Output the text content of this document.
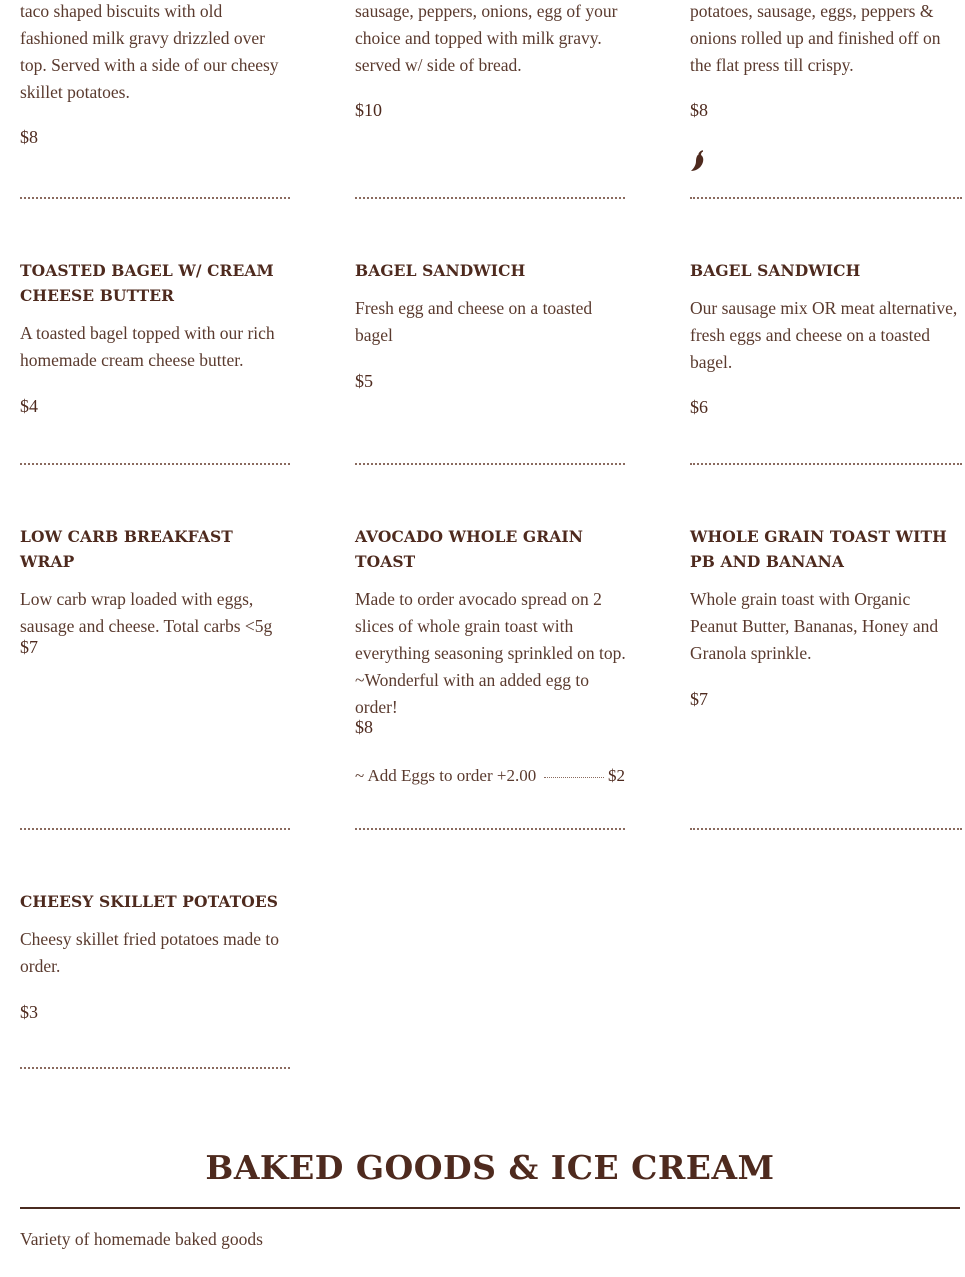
taco shaped biscuits with old fashioned milk gravy drizzled over top. Served with a side of our cheesy skillet potatoes.

$8

sausage, peppers, onions, egg of your choice and topped with milk gravy. served w/ side of bread.

$10

potatoes, sausage, eggs, peppers & onions rolled up and finished off on the flat press till crispy.

$8
TOASTED BAGEL W/ CREAM CHEESE BUTTER

A toasted bagel topped with our rich homemade cream cheese butter.

$4
BAGEL SANDWICH

Fresh egg and cheese on a toasted bagel

$5
BAGEL SANDWICH

Our sausage mix OR meat alternative, fresh eggs and cheese on a toasted bagel.

$6
LOW CARB BREAKFAST WRAP

Low carb wrap loaded with eggs, sausage and cheese. Total carbs <5g

$7
AVOCADO WHOLE GRAIN TOAST

Made to order avocado spread on 2 slices of whole grain toast with everything seasoning sprinkled on top. ~Wonderful with an added egg to order!

$8
~ Add Eggs to order +2.00	$2
WHOLE GRAIN TOAST WITH PB AND BANANA

Whole grain toast with Organic Peanut Butter, Bananas, Honey and Granola sprinkle.

$7
CHEESY SKILLET POTATOES

Cheesy skillet fried potatoes made to order.

$3
BAKED GOODS & ICE CREAM

Variety of homemade baked goods
